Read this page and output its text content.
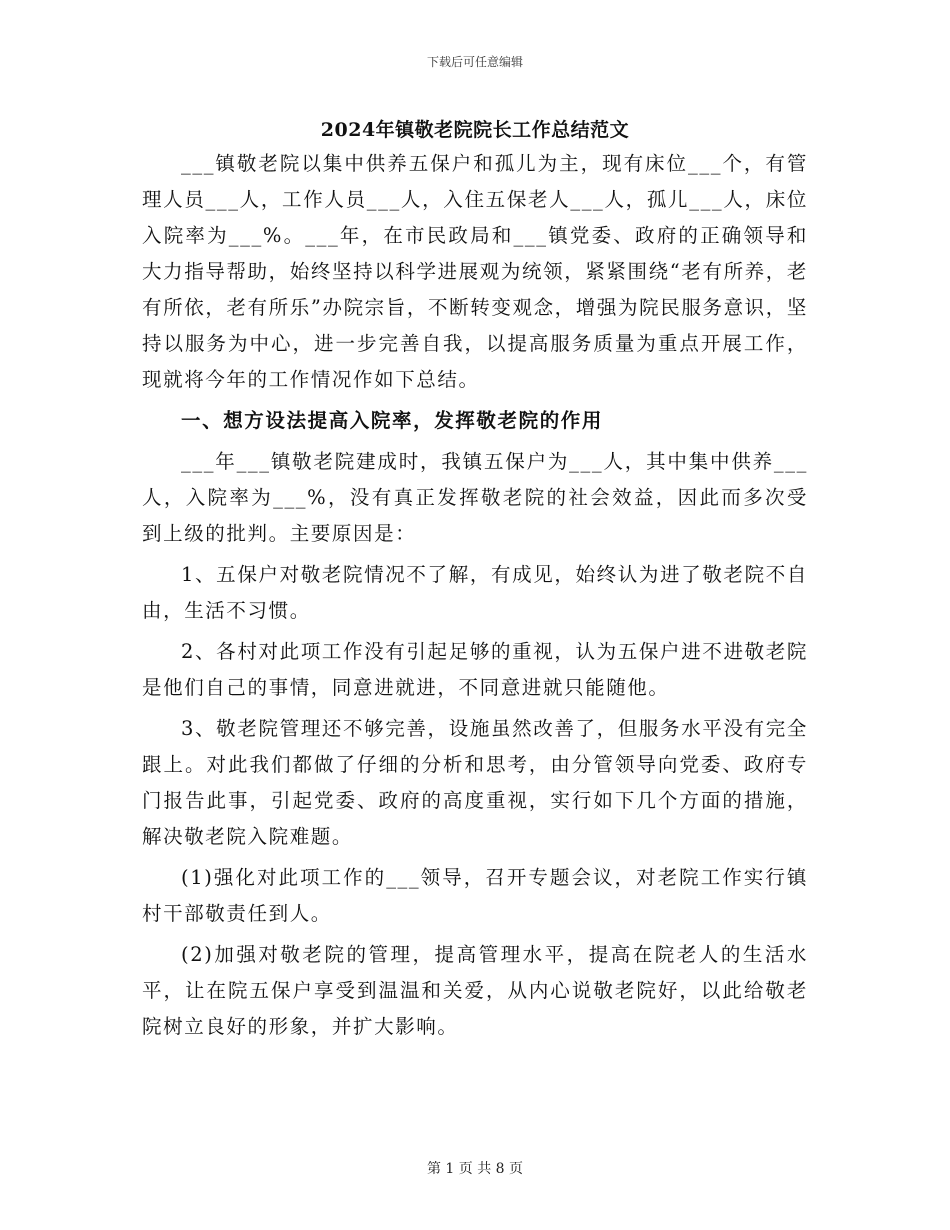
下载后可任意编辑
2024年镇敬老院院长工作总结范文

___镇敬老院以集中供养五保户和孤儿为主，现有床位___个，有管理人员___人，工作人员___人，入住五保老人___人，孤儿___人，床位入院率为___%。___年，在市民政局和___镇党委、政府的正确领导和大力指导帮助，始终坚持以科学进展观为统领，紧紧围绕“老有所养，老有所依，老有所乐”办院宗旨，不断转变观念，增强为院民服务意识，坚持以服务为中心，进一步完善自我，以提高服务质量为重点开展工作，现就将今年的工作情况作如下总结。

一、想方设法提高入院率，发挥敬老院的作用

___年___镇敬老院建成时，我镇五保户为___人，其中集中供养___人，入院率为___%，没有真正发挥敬老院的社会效益，因此而多次受到上级的批判。主要原因是：

1、五保户对敬老院情况不了解，有成见，始终认为进了敬老院不自由，生活不习惯。

2、各村对此项工作没有引起足够的重视，认为五保户进不进敬老院是他们自己的事情，同意进就进，不同意进就只能随他。

3、敬老院管理还不够完善，设施虽然改善了，但服务水平没有完全跟上。对此我们都做了仔细的分析和思考，由分管领导向党委、政府专门报告此事，引起党委、政府的高度重视，实行如下几个方面的措施，解决敬老院入院难题。

(1)强化对此项工作的___领导，召开专题会议，对老院工作实行镇村干部敬责任到人。

(2)加强对敬老院的管理，提高管理水平，提高在院老人的生活水平，让在院五保户享受到温温和关爱，从内心说敬老院好，以此给敬老院树立良好的形象，并扩大影响。

第 1 页 共 8 页
